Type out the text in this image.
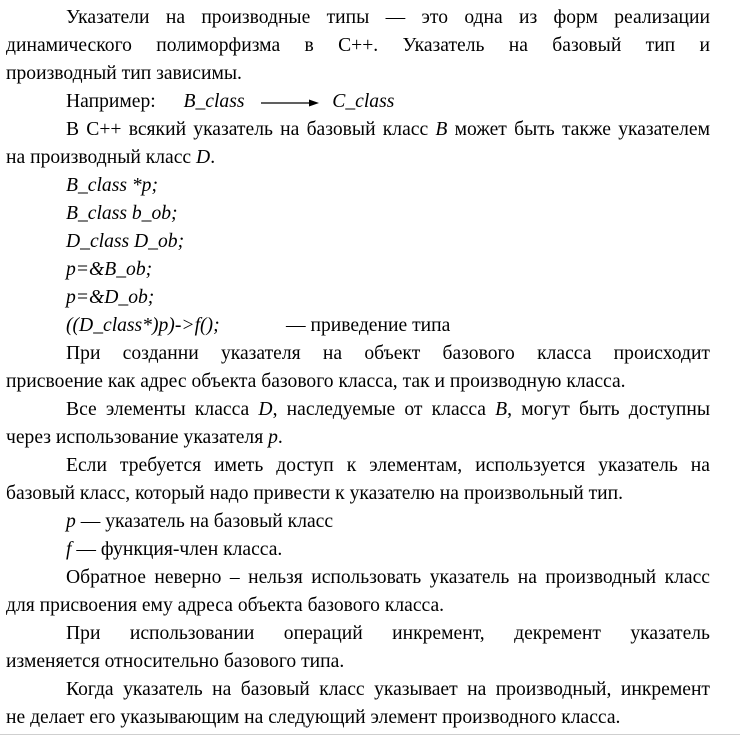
Указатели на производные типы — это одна из форм реализации
динамического полиморфизма в С++. Указатель на базовый тип и
производный тип зависимы.
Например: B_class	C_class
В С++ всякий указатель на базовый класс B может быть также указателем
на производный класс D.
B_class *p;
B_class b_ob;
D_class D_ob;
p=&B_ob;
p=&D_ob;
((D_class*)p)->f();	— приведение типа
При созданни указателя на объект базового класса происходит
присвоение как адрес объекта базового класса, так и производную класса.
Все элементы класса D, наследуемые от класса B, могут быть доступны
через использование указателя p.
Если требуется иметь доступ к элементам, используется указатель на
базовый класс, который надо привести к указателю на произвольный тип.
p — указатель на базовый класс
f — функция-член класса.
Обратное неверно – нельзя использовать указатель на производный класс
для присвоения ему адреса объекта базового класса.
При использовании операций инкремент, декремент указатель
изменяется относительно базового типа.
Когда указатель на базовый класс указывает на производный, инкремент
не делает его указывающим на следующий элемент производного класса.
